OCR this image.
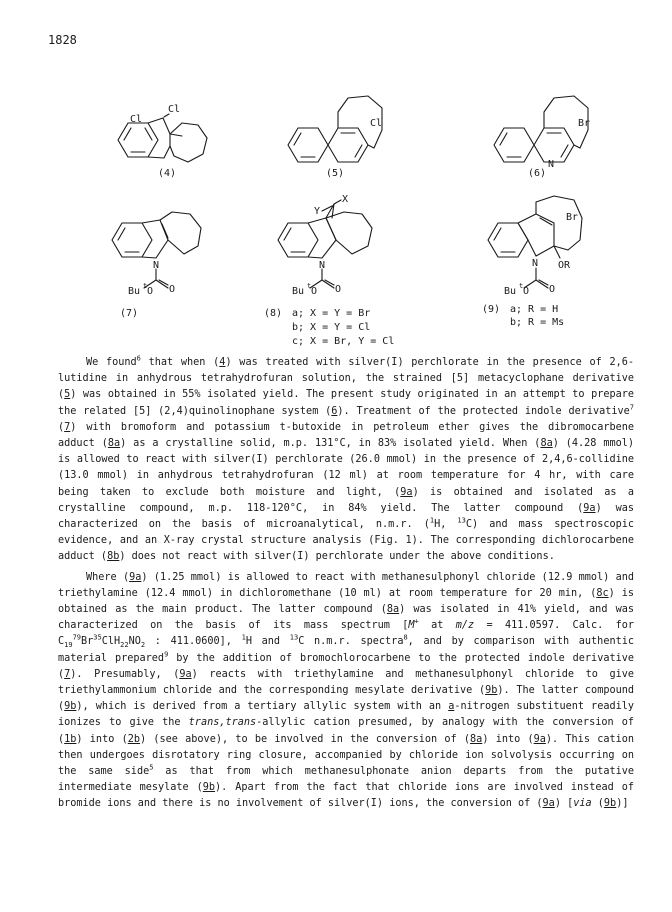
1828
Cl
Cl
(4)
Cl
(5)
Br
N
(6)
N
O
Bu t O
(7)
X
Y
N
O
Bu t O
(8) a; X = Y = Br
b; X = Y = Cl
c; X = Br, Y = Cl
Br
N OR
O
Bu t O
(9) a; R = H
b; R = Ms

We found$^6$ that when (4) was treated with silver(I) perchlorate in the presence of 2,6-lutidine in anhydrous tetrahydrofuran solution, the strained [5] metacyclophane derivative (5) was obtained in 55% isolated yield. The present study originated in an attempt to prepare the related [5] (2,4)quinolinophane system (6). Treatment of the protected indole derivative$^7$ (7) with bromoform and potassium t-butoxide in petroleum ether gives the dibromocarbene adduct (8a) as a crystalline solid, m.p. 131°C, in 83% isolated yield. When (8a) (4.28 mmol) is allowed to react with silver(I) perchlorate (26.0 mmol) in the presence of 2,4,6-collidine (13.0 mmol) in anhydrous tetrahydrofuran (12 ml) at room temperature for 4 hr, with care being taken to exclude both moisture and light, (9a) is obtained and isolated as a crystalline compound, m.p. 118-120°C, in 84% yield. The latter compound (9a) was characterized on the basis of microanalytical, n.m.r. ($^1$H, $^{13}$C) and mass spectroscopic evidence, and an X-ray crystal structure analysis (Fig. 1). The corresponding dichlorocarbene adduct (8b) does not react with silver(I) perchlorate under the above conditions.

Where (9a) (1.25 mmol) is allowed to react with methanesulphonyl chloride (12.9 mmol) and triethylamine (12.4 mmol) in dichloromethane (10 ml) at room temperature for 20 min, (8c) is obtained as the main product. The latter compound (8a) was isolated in 41% yield, and was characterized on the basis of its mass spectrum [M+ at m/z = 411.0597. Calc. for $C_{19}^{79}Br^{35}ClH_{22}NO_2$ : 411.0600], $^1$H and $^{13}$C n.m.r. spectra$^8$, and by comparison with authentic material prepared$^9$ by the addition of bromochlorocarbene to the protected indole derivative (7). Presumably, (9a) reacts with triethylamine and methanesulphonyl chloride to give triethylammonium chloride and the corresponding mesylate derivative (9b). The latter compound (9b), which is derived from a tertiary allylic system with an a-nitrogen substituent readily ionizes to give the trans,trans-allylic cation presumed, by analogy with the conversion of (1b) into (2b) (see above), to be involved in the conversion of (8a) into (9a). This cation then undergoes disrotatory ring closure, accompanied by chloride ion solvolysis occurring on the same side$^5$ as that from which methanesulphonate anion departs from the putative intermediate mesylate (9b). Apart from the fact that chloride ions are involved instead of bromide ions and there is no involvement of silver(I) ions, the conversion of (9a) [via (9b)]
